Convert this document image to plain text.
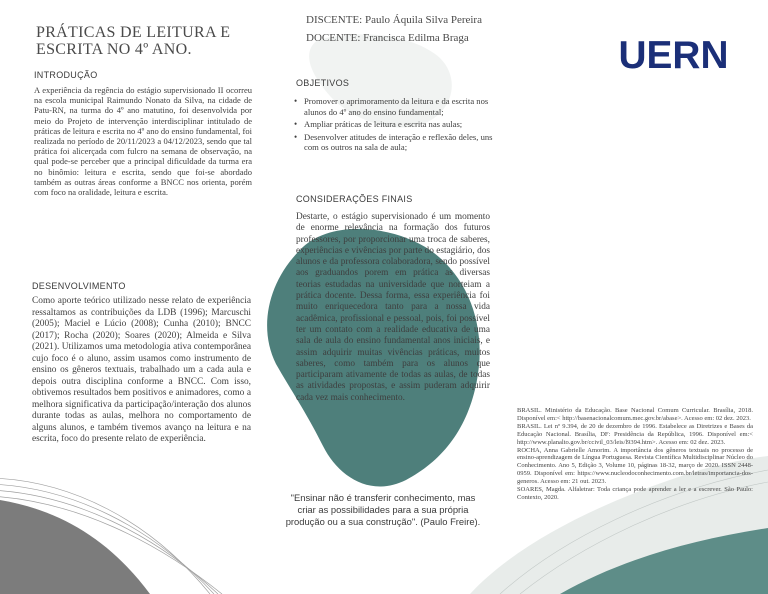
PRÁTICAS DE LEITURA E ESCRITA NO 4º ANO.
DISCENTE: Paulo Áquila Silva Pereira
DOCENTE: Francisca Edilma Braga	UERN
INTRODUÇÃO

A experiência da regência do estágio supervisionado II ocorreu na escola municipal Raimundo Nonato da Silva, na cidade de Patu-RN, na turma do 4º ano matutino, foi desenvolvida por meio do Projeto de intervenção interdisciplinar intitulado de práticas de leitura e escrita no 4º ano do ensino fundamental, foi realizada no período de 20/11/2023 a 04/12/2023, sendo que tal prática foi alicerçada com fulcro na semana de observação, na qual pode-se perceber que a principal dificuldade da turma era no binômio: leitura e escrita, sendo que foi-se abordado também as outras áreas conforme a BNCC nos orienta, porém com foco na oralidade, leitura e escrita.

DESENVOLVIMENTO

Como aporte teórico utilizado nesse relato de experiência ressaltamos as contribuições da LDB (1996); Marcuschi (2005); Maciel e Lúcio (2008); Cunha (2010); BNCC (2017); Rocha (2020); Soares (2020); Almeida e Silva (2021). Utilizamos uma metodologia ativa contemporânea cujo foco é o aluno, assim usamos como instrumento de ensino os gêneros textuais, trabalhado um a cada aula e depois outra disciplina conforme a BNCC. Com isso, obtivemos resultados bem positivos e animadores, como a melhora significativa da participação/interação dos alunos durante todas as aulas, melhora no comportamento de alguns alunos, e também tivemos avanço na leitura e na escrita, foco do presente relato de experiência.

OBJETIVOS
• Promover o aprimoramento da leitura e da escrita nos alunos do 4º ano do ensino fundamental;
• Ampliar práticas de leitura e escrita nas aulas;
• Desenvolver atitudes de interação e reflexão deles, uns com os outros na sala de aula;
CONSIDERAÇÕES FINAIS

Destarte, o estágio supervisionado é um momento de enorme relevância na formação dos futuros professores, por proporcionar uma troca de saberes, experiências e vivências por parte do estagiário, dos alunos e da professora colaboradora, sendo possível aos graduandos porem em prática as diversas teorias estudadas na universidade que norteiam a prática docente. Dessa forma, essa experiência foi muito enriquecedora tanto para a nossa vida acadêmica, profissional e pessoal, pois, foi possível ter um contato com a realidade educativa de uma sala de aula do ensino fundamental anos iniciais, e assim adquirir muitas vivências práticas, muitos saberes, como também para os alunos que participaram ativamente de todas as aulas, de todas as atividades propostas, e assim puderam adquirir cada vez mais conhecimento.

"Ensinar não é transferir conhecimento, mas criar as possibilidades para a sua própria produção ou a sua construção". (Paulo Freire).

BRASIL. Ministério da Educação. Base Nacional Comum Curricular. Brasília, 2018. Disponível em:< http://basenacionalcomum.mec.gov.br/abase>. Acesso em: 02 dez. 2023.

BRASIL. Lei nº 9.394, de 20 de dezembro de 1996. Estabelece as Diretrizes e Bases da Educação Nacional. Brasília, DF: Presidência da República, 1996. Disponível em:< http://www.planalto.gov.br/ccivil_03/leis/l9394.htm>. Acesso em: 02 dez. 2023.

ROCHA, Anna Gabrielle Amorim. A importância dos gêneros textuais no processo de ensino-aprendizagem de Língua Portuguesa. Revista Científica Multidisciplinar Núcleo do Conhecimento. Ano 5, Edição 3, Volume 10, páginas 18-32, março de 2020. ISSN 2448-0959. Disponível em: https://www.nucleodoconhecimento.com.br/letras/importancia-dos-generos. Acesso em: 21 out. 2023.

SOARES, Magda. Alfaletrar: Toda criança pode aprender a ler e a escrever. São Paulo: Contexto, 2020.
